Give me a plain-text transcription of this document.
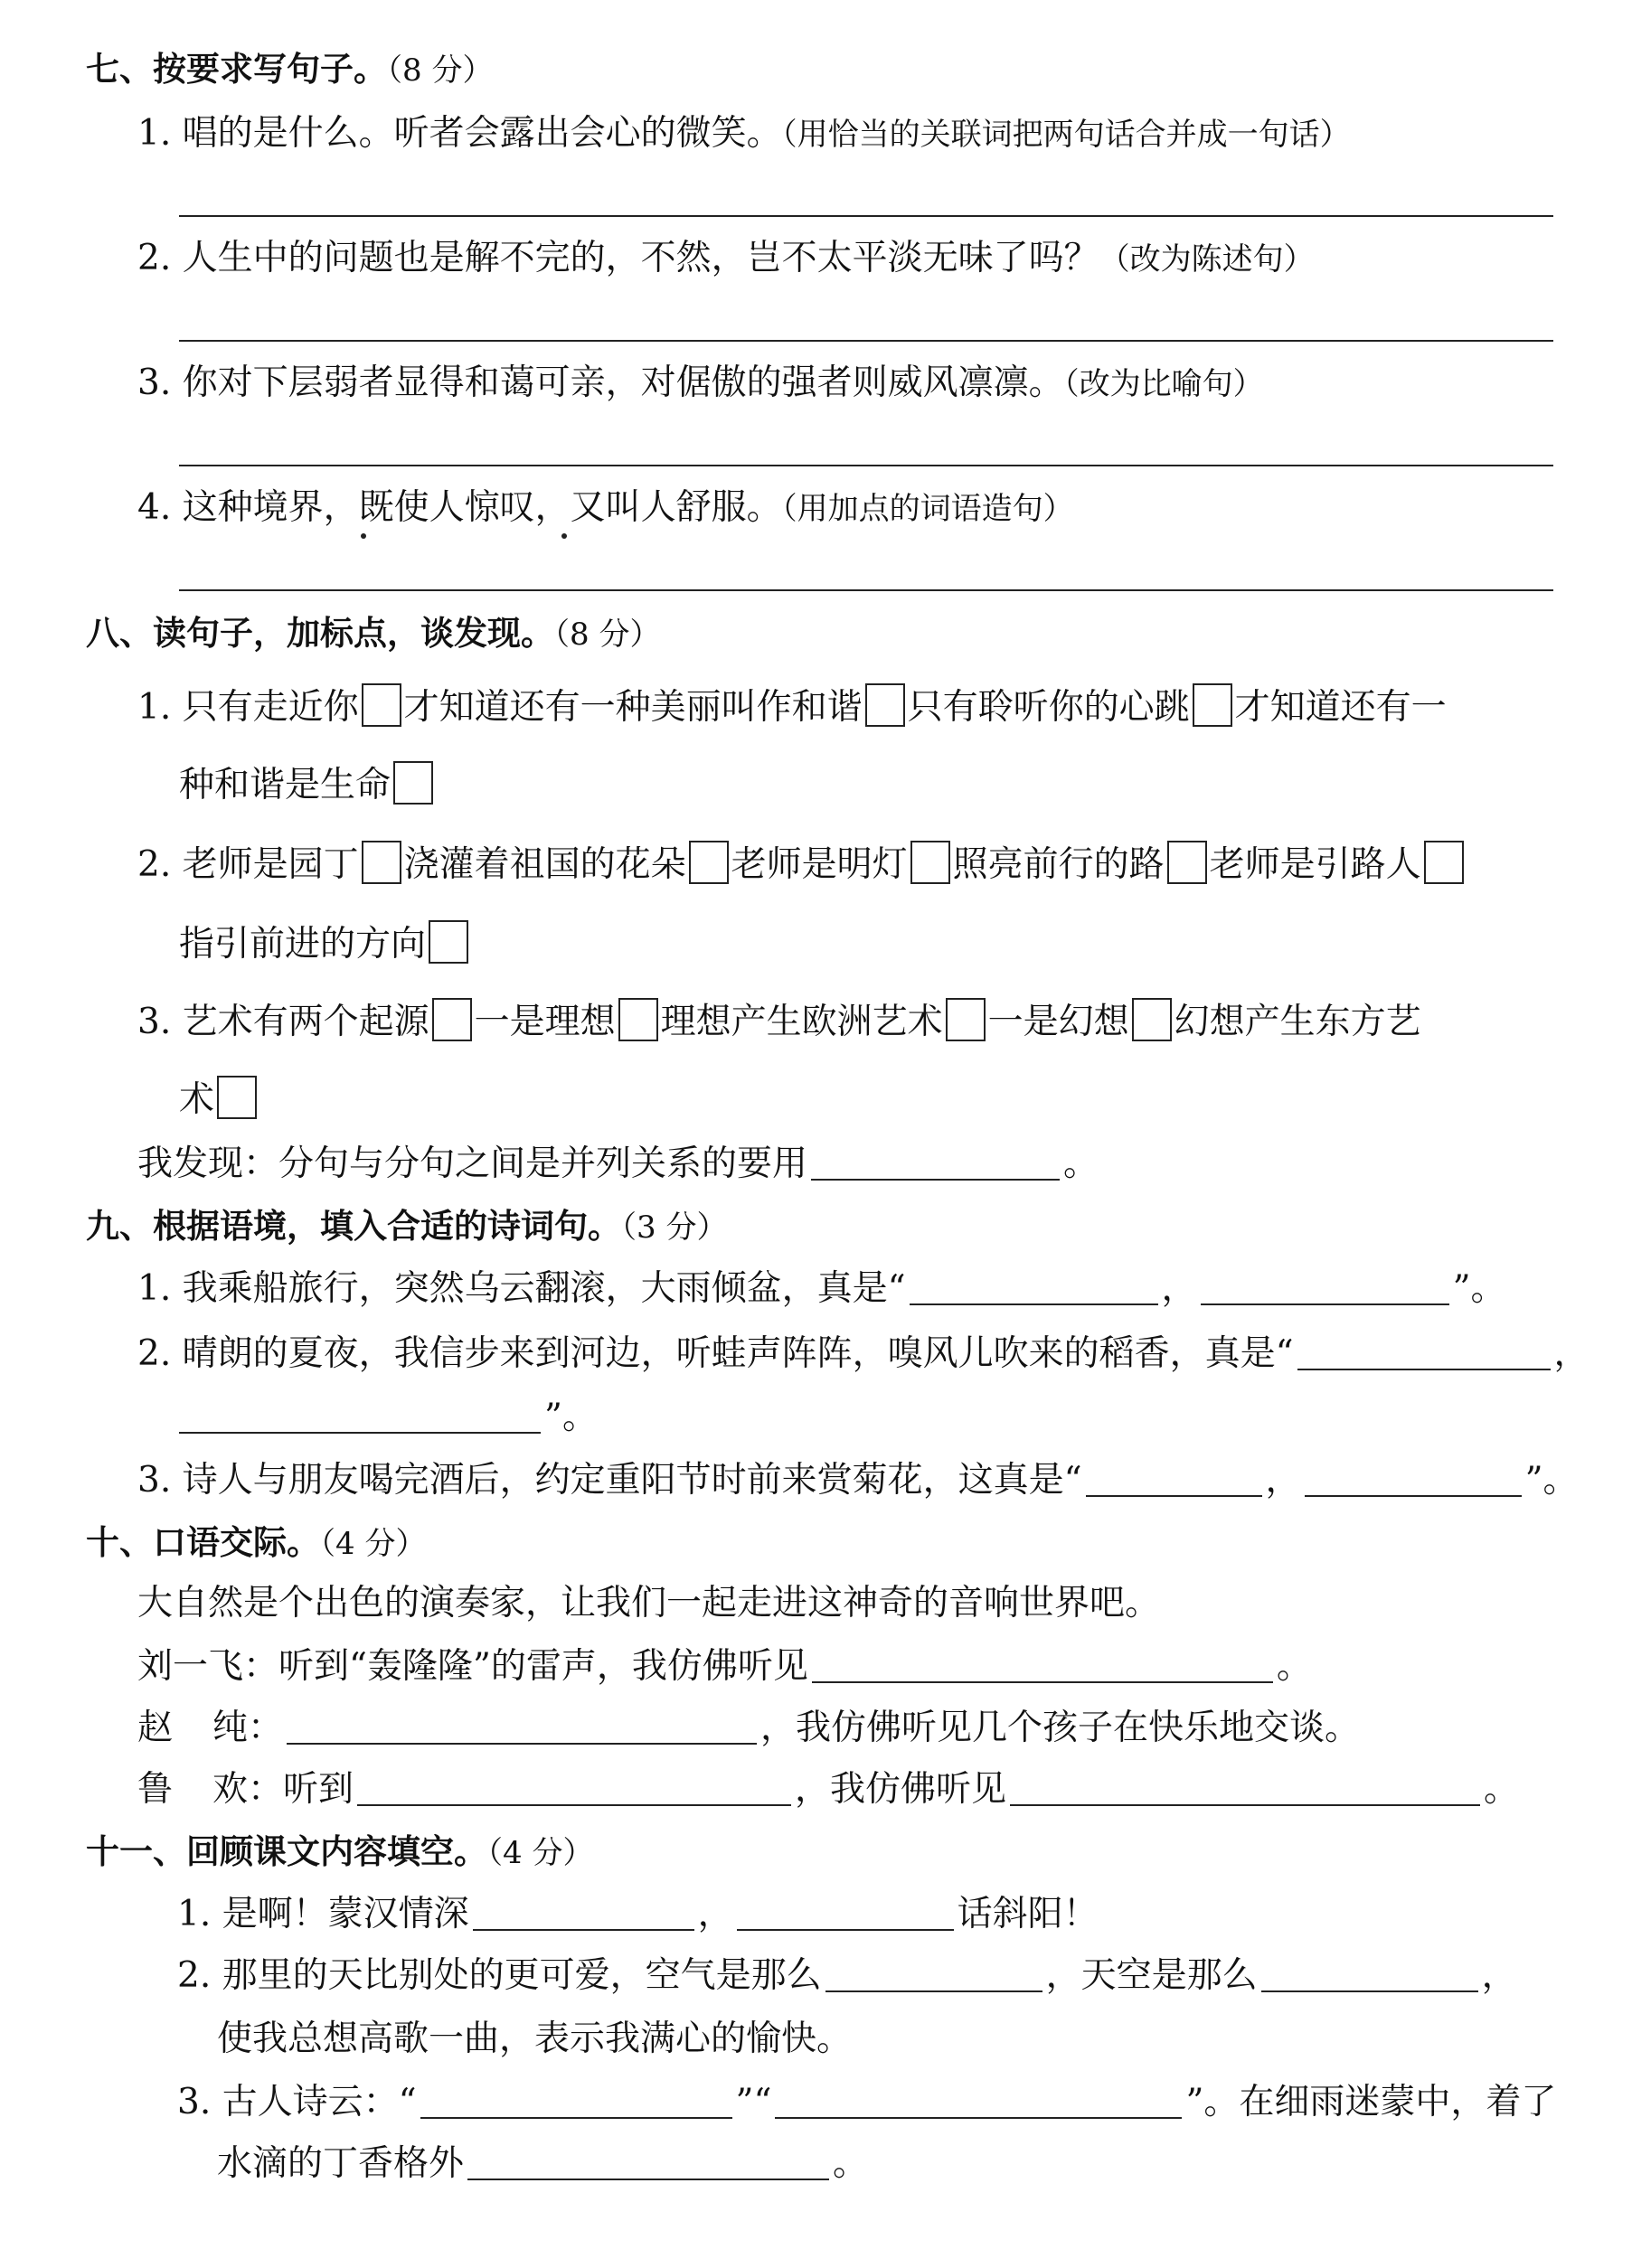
七、按要求写句子。（8 分）
1. 唱的是什么。听者会露出会心的微笑。（用恰当的关联词把两句话合并成一句话）
2. 人生中的问题也是解不完的，不然，岂不太平淡无味了吗？（改为陈述句）
3. 你对下层弱者显得和蔼可亲，对倨傲的强者则威风凛凛。（改为比喻句）
4. 这种境界，既使人惊叹，又叫人舒服。（用加点的词语造句）
八、读句子，加标点，谈发现。（8 分）
1. 只有走近你 才知道还有一种美丽叫作和谐 只有聆听你的心跳 才知道还有一
种和谐是生命
2. 老师是园丁 浇灌着祖国的花朵 老师是明灯 照亮前行的路 老师是引路人
指引前进的方向
3. 艺术有两个起源 一是理想 理想产生欧洲艺术 一是幻想 幻想产生东方艺
术
我发现：分句与分句之间是并列关系的要用	。
九、根据语境，填入合适的诗词句。（3 分）
1. 我乘船旅行，突然乌云翻滚，大雨倾盆，真是“	，	”。
2. 晴朗的夏夜，我信步来到河边，听蛙声阵阵，嗅风儿吹来的稻香，真是“	，
”。
3. 诗人与朋友喝完酒后，约定重阳节时前来赏菊花，这真是“	，	”。
十、口语交际。（4 分）
大自然是个出色的演奏家，让我们一起走进这神奇的音响世界吧。
刘一飞：听到“轰隆隆”的雷声，我仿佛听见	。
赵 纯：	，我仿佛听见几个孩子在快乐地交谈。
鲁 欢：听到	，我仿佛听见	。
十一、回顾课文内容填空。（4 分）
1. 是啊！蒙汉情深	，	话斜阳！
2. 那里的天比别处的更可爱，空气是那么	，天空是那么	，
使我总想高歌一曲，表示我满心的愉快。
3. 古人诗云：“	”“	”。在细雨迷蒙中，着了
水滴的丁香格外	。
